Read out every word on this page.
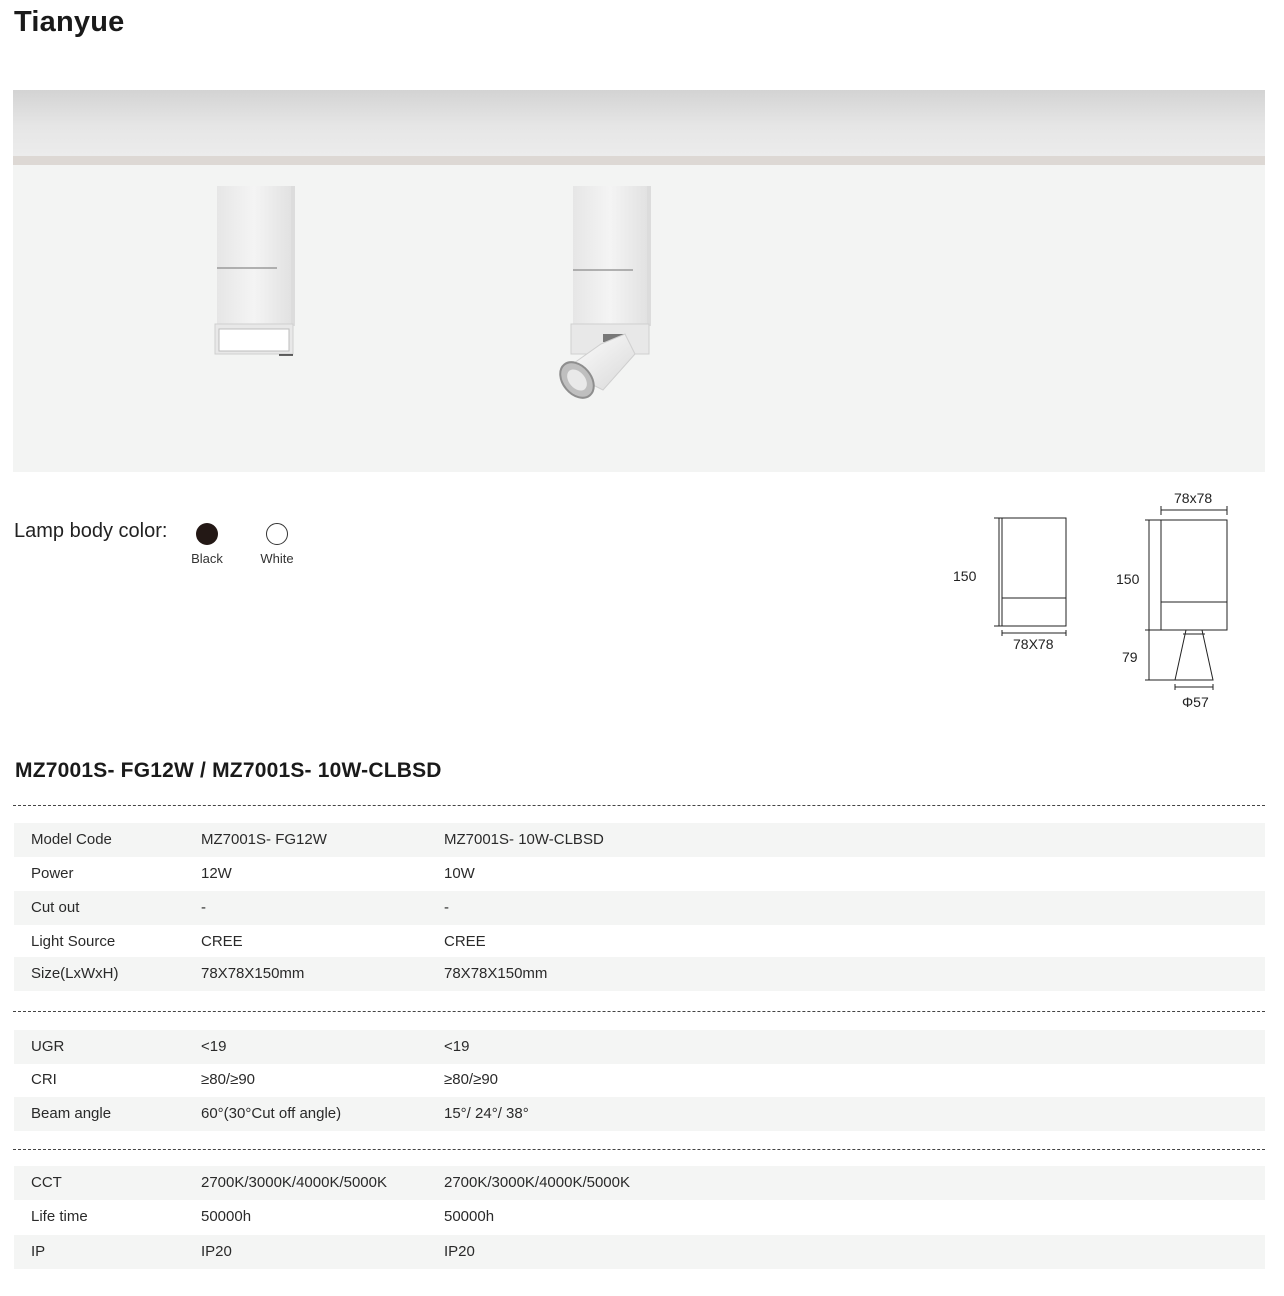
Tianyue
Lamp body color:
Black	White
150
78X78
78x78
150
79
Φ57
MZ7001S- FG12W / MZ7001S- 10W-CLBSD
Model Code	MZ7001S- FG12W	MZ7001S- 10W-CLBSD
Power	12W	10W
Cut out	-	-
Light Source	CREE	CREE
Size(LxWxH)	78X78X150mm	78X78X150mm
UGR	<19	<19
CRI	≥80/≥90	≥80/≥90
Beam angle	60°(30°Cut off angle)	15°/ 24°/ 38°
CCT	2700K/3000K/4000K/5000K	2700K/3000K/4000K/5000K
Life time	50000h	50000h
IP	IP20	IP20
